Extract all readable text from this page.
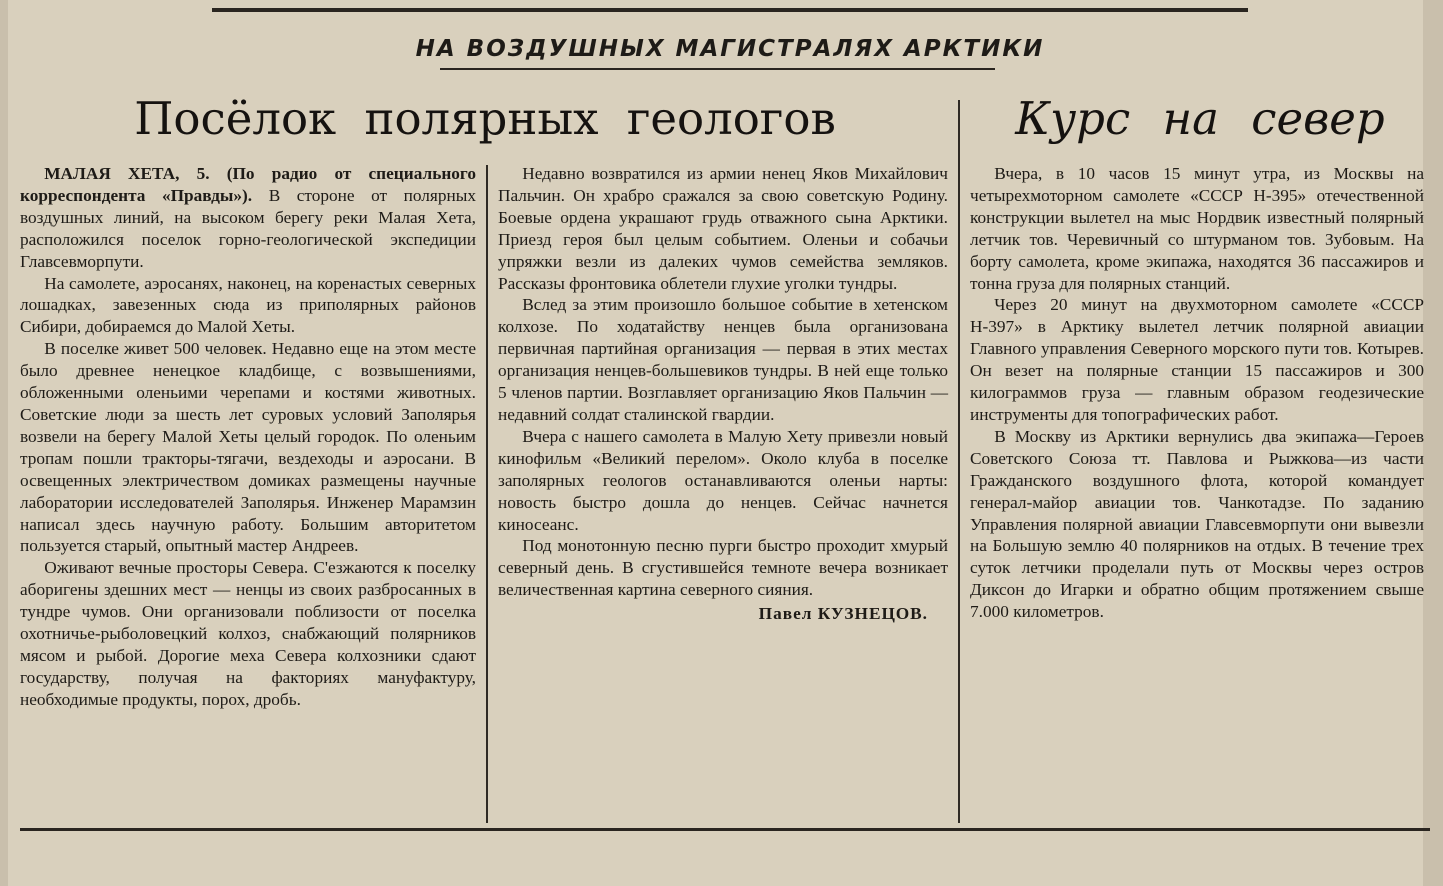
НА ВОЗДУШНЫХ МАГИСТРАЛЯХ АРКТИКИ
Посёлок полярных геологов	Курс на север

МАЛАЯ ХЕТА, 5. (По радио от специального корреспондента «Правды»). В стороне от полярных воздушных линий, на высоком берегу реки Малая Хета, расположился поселок горно-геологической экспедиции Главсевморпути.

На самолете, аэросанях, наконец, на коренастых северных лошадках, завезенных сюда из приполярных районов Сибири, добираемся до Малой Хеты.

В поселке живет 500 человек. Недавно еще на этом месте было древнее ненецкое кладбище, с возвышениями, обложенными оленьими черепами и костями животных. Советские люди за шесть лет суровых условий Заполярья возвели на берегу Малой Хеты целый городок. По оленьим тропам пошли тракторы-тягачи, вездеходы и аэросани. В освещенных электричеством домиках размещены научные лаборатории исследователей Заполярья. Инженер Марамзин написал здесь научную работу. Большим авторитетом пользуется старый, опытный мастер Андреев.

Оживают вечные просторы Севера. С'езжаются к поселку аборигены здешних мест — ненцы из своих разбросанных в тундре чумов. Они организовали поблизости от поселка охотничье-рыболовецкий колхоз, снабжающий полярников мясом и рыбой. Дорогие меха Севера колхозники сдают государству, получая на факториях мануфактуру, необходимые продукты, порох, дробь.

Недавно возвратился из армии ненец Яков Михайлович Пальчин. Он храбро сражался за свою советскую Родину. Боевые ордена украшают грудь отважного сына Арктики. Приезд героя был целым событием. Оленьи и собачьи упряжки везли из далеких чумов семейства земляков. Рассказы фронтовика облетели глухие уголки тундры.

Вслед за этим произошло большое событие в хетенском колхозе. По ходатайству ненцев была организована первичная партийная организация — первая в этих местах организация ненцев-большевиков тундры. В ней еще только 5 членов партии. Возглавляет организацию Яков Пальчин — недавний солдат сталинской гвардии.

Вчера с нашего самолета в Малую Хету привезли новый кинофильм «Великий перелом». Около клуба в поселке заполярных геологов останавливаются оленьи нарты: новость быстро дошла до ненцев. Сейчас начнется киносеанс.

Под монотонную песню пурги быстро проходит хмурый северный день. В сгустившейся темноте вечера возникает величественная картина северного сияния.

Павел КУЗНЕЦОВ.

Вчера, в 10 часов 15 минут утра, из Москвы на четырехмоторном самолете «СССР Н-395» отечественной конструкции вылетел на мыс Нордвик известный полярный летчик тов. Черевичный со штурманом тов. Зубовым. На борту самолета, кроме экипажа, находятся 36 пассажиров и тонна груза для полярных станций.

Через 20 минут на двухмоторном самолете «СССР Н-397» в Арктику вылетел летчик полярной авиации Главного управления Северного морского пути тов. Котырев. Он везет на полярные станции 15 пассажиров и 300 килограммов груза — главным образом геодезические инструменты для топографических работ.

В Москву из Арктики вернулись два экипажа—Героев Советского Союза тт. Павлова и Рыжкова—из части Гражданского воздушного флота, которой командует генерал-майор авиации тов. Чанкотадзе. По заданию Управления полярной авиации Главсевморпути они вывезли на Большую землю 40 полярников на отдых. В течение трех суток летчики проделали путь от Москвы через остров Диксон до Игарки и обратно общим протяжением свыше 7.000 километров.
